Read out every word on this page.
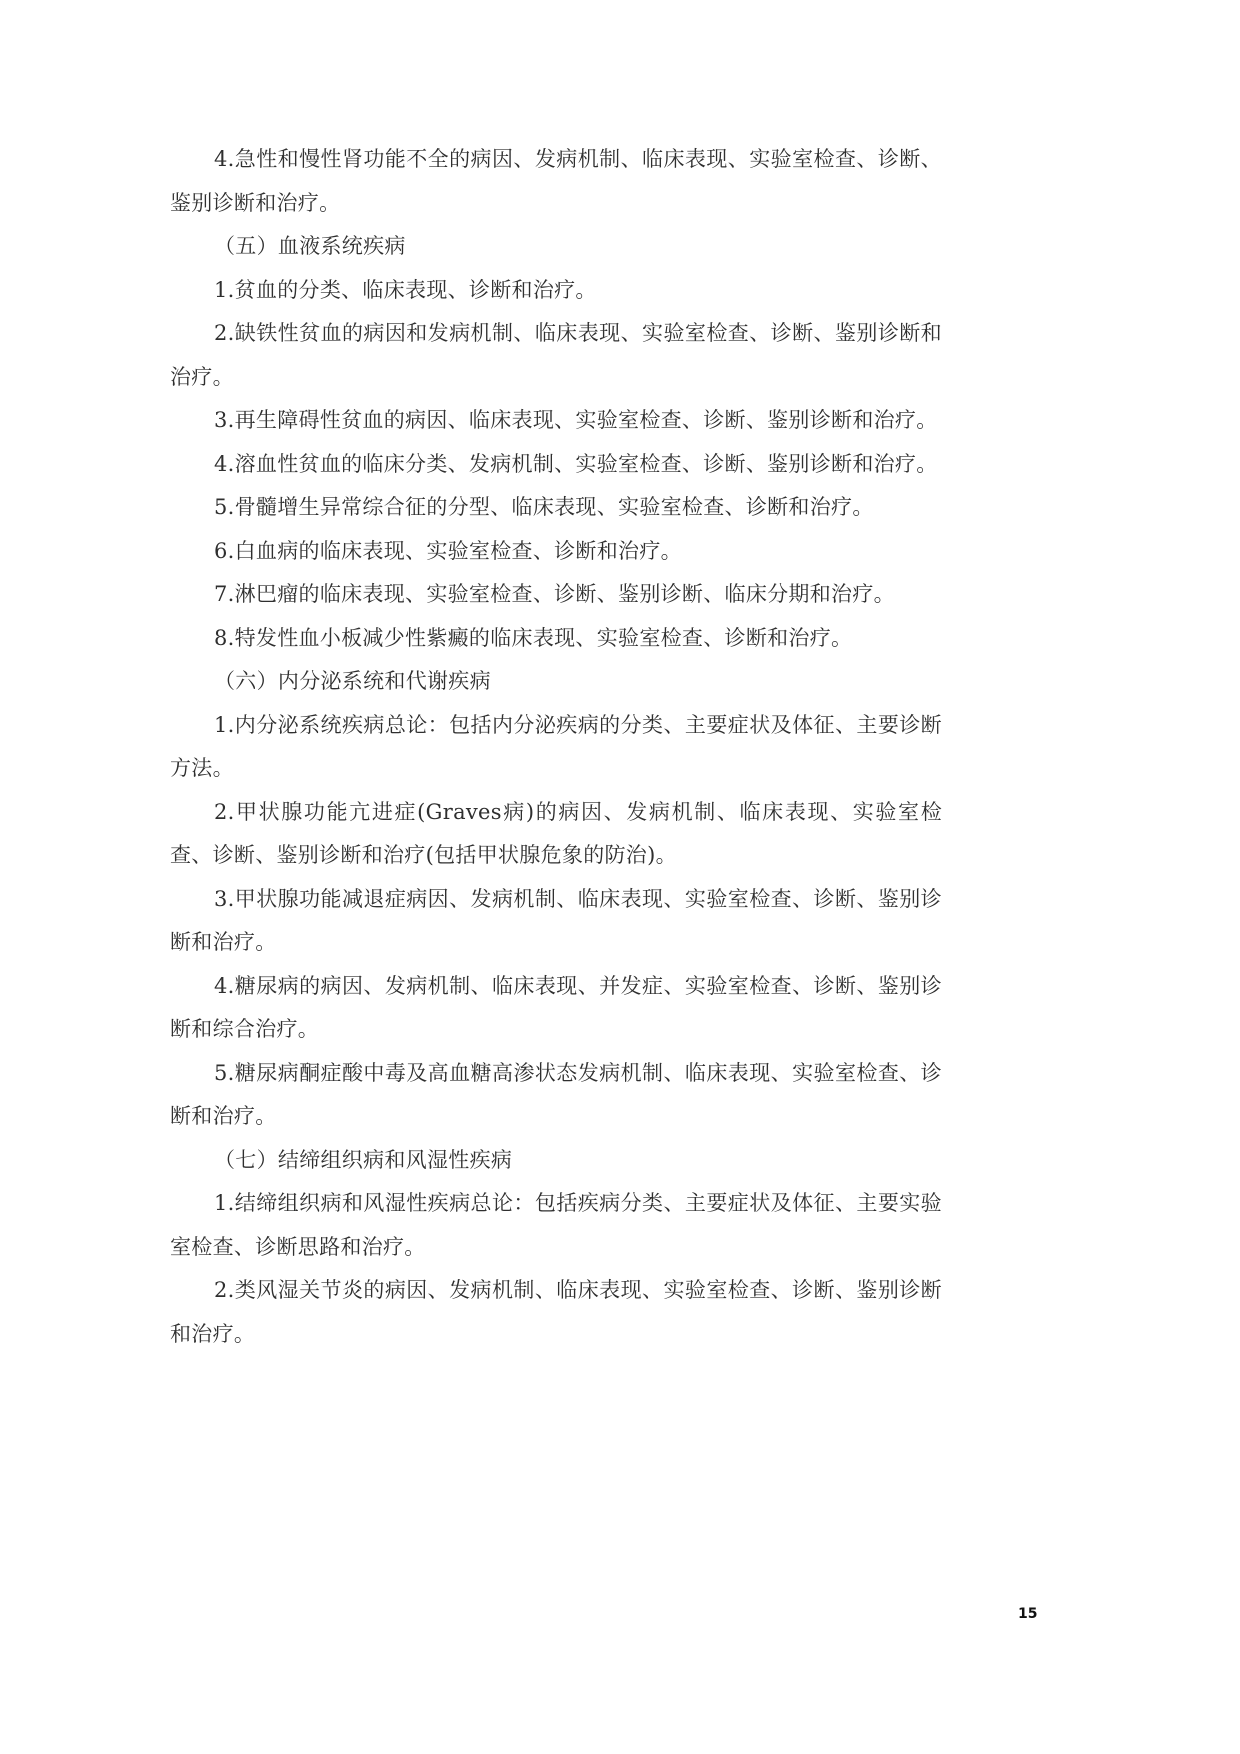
4.急性和慢性肾功能不全的病因、发病机制、临床表现、实验室检查、诊断、鉴别诊断和治疗。

（五）血液系统疾病

1.贫血的分类、临床表现、诊断和治疗。

2.缺铁性贫血的病因和发病机制、临床表现、实验室检查、诊断、鉴别诊断和治疗。

3.再生障碍性贫血的病因、临床表现、实验室检查、诊断、鉴别诊断和治疗。

4.溶血性贫血的临床分类、发病机制、实验室检查、诊断、鉴别诊断和治疗。

5.骨髓增生异常综合征的分型、临床表现、实验室检查、诊断和治疗。

6.白血病的临床表现、实验室检查、诊断和治疗。

7.淋巴瘤的临床表现、实验室检查、诊断、鉴别诊断、临床分期和治疗。

8.特发性血小板减少性紫癜的临床表现、实验室检查、诊断和治疗。

（六）内分泌系统和代谢疾病

1.内分泌系统疾病总论：包括内分泌疾病的分类、主要症状及体征、主要诊断方法。

2.甲状腺功能亢进症(Graves病)的病因、发病机制、临床表现、实验室检查、诊断、鉴别诊断和治疗(包括甲状腺危象的防治)。

3.甲状腺功能减退症病因、发病机制、临床表现、实验室检查、诊断、鉴别诊断和治疗。

4.糖尿病的病因、发病机制、临床表现、并发症、实验室检查、诊断、鉴别诊断和综合治疗。

5.糖尿病酮症酸中毒及高血糖高渗状态发病机制、临床表现、实验室检查、诊断和治疗。

（七）结缔组织病和风湿性疾病

1.结缔组织病和风湿性疾病总论：包括疾病分类、主要症状及体征、主要实验室检查、诊断思路和治疗。

2.类风湿关节炎的病因、发病机制、临床表现、实验室检查、诊断、鉴别诊断和治疗。

15
